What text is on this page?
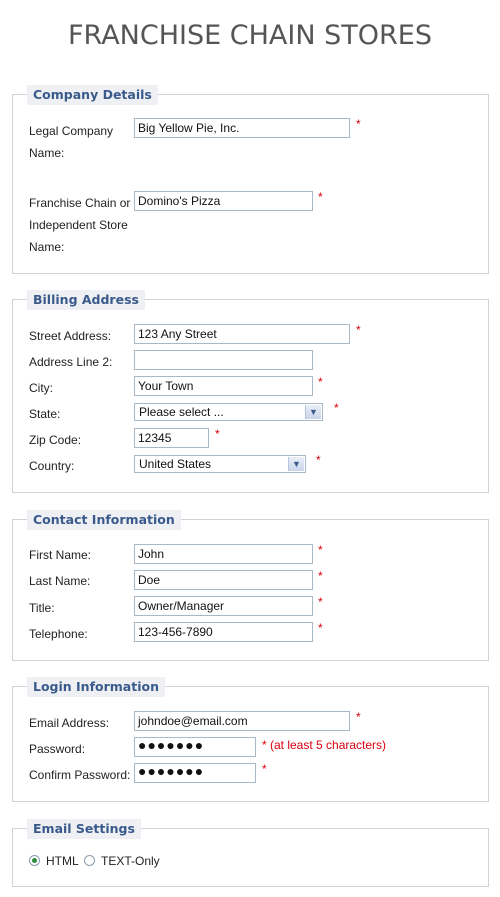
FRANCHISE CHAIN STORES
Company Details
Legal Company
Name:
Big Yellow Pie, Inc.	*
Franchise Chain or
Independent Store
Name:
Domino's Pizza	*
Billing Address
Street Address:	123 Any Street	*
Address Line 2:
City:	Your Town	*
State:	Please select ...	▼ *
Zip Code:	12345	*
Country:	United States	▼ *
Contact Information
First Name:	John	*
Last Name:	Doe	*
Title:	Owner/Manager	*
Telephone:	123-456-7890	*
Login Information
Email Address:	johndoe@email.com	*
Password:	●●●●●●●	* (at least 5 characters)
Confirm Password: ●●●●●●●	*
Email Settings
HTML TEXT-Only
